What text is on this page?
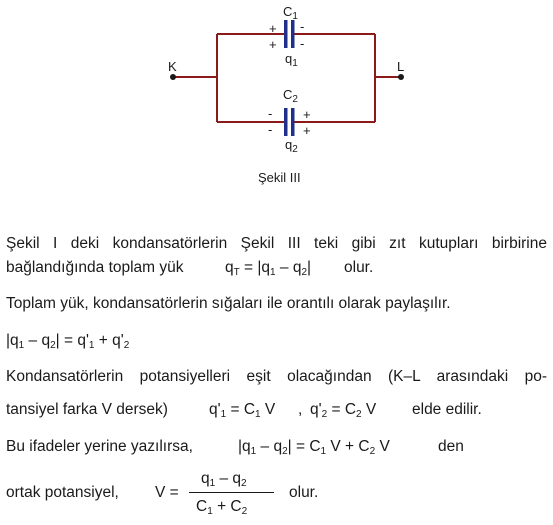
$C_1$
+
+
-
-
$q_1$
$C_2$
-
-
+
+
$q_2$
K	L
Şekil III
Şekil I deki kondansatörlerin Şekil III teki gibi zıt kutupları birbirine
bağlandığında toplam yük	$q_T = |q_1 - q_2|$ olur.
Toplam yük, kondansatörlerin sığaları ile orantılı olarak paylaşılır.
$|q_1 - q_2| = q'_1 + q'_2$
Kondansatörlerin potansiyelleri eşit olacağından (K–L arasındaki po-
tansiyel farka V dersek)	$q'_1 = C_1$ V , $q'_2 = C_2$ V elde edilir.
Bu ifadeler yerine yazılırsa,	$|q_1 - q_2| = C_1$ $V + C_2$ V	den
ortak potansiyel, V =
$q_1 - q_2$
$C_1 + C_2$
olur.
